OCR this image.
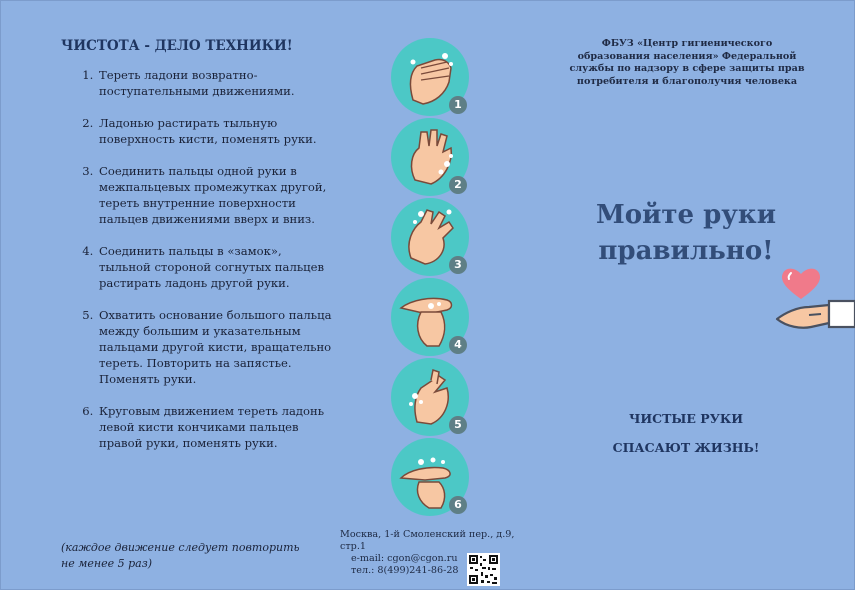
ЧИСТОТА - ДЕЛО ТЕХНИКИ!
1. Тереть ладони возвратно-поступательными движениями.
2. Ладонью растирать тыльную поверхность кисти, поменять руки.
3. Соединить пальцы одной руки в межпальцевых промежутках другой, тереть внутренние поверхности пальцев движениями вверх и вниз.
4. Соединить пальцы в «замок», тыльной стороной согнутых пальцев растирать ладонь другой руки.
5. Охватить основание большого пальца между большим и указательным пальцами другой кисти, вращательно тереть. Повторить на запястье. Поменять руки.
6. Круговым движением тереть ладонь левой кисти кончиками пальцев правой руки, поменять руки.
(каждое движение следует повторить не менее 5 раз)
1
2
3
4
5
6
Москва, 1-й Смоленский пер., д.9, стр.1
e-mail: cgon@cgon.ru
тел.: 8(499)241-86-28
ФБУЗ «Центр гигиенического образования населения» Федеральной службы по надзору в сфере защиты прав потребителя и благополучия человека
Мойте руки
правильно!
ЧИСТЫЕ РУКИ
СПАСАЮТ ЖИЗНЬ!
